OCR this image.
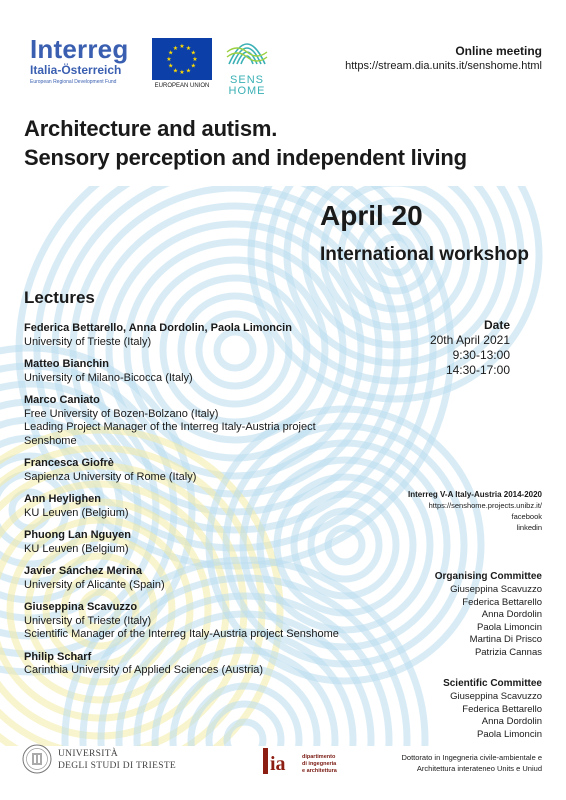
Interreg
Italia-Österreich
European Regional Development Fund
★ ★
★
★
★
★
★
★
★
★
★
★
EUROPEAN UNION	SENS
HOME
Online meeting
https://stream.dia.units.it/senshome.html
Architecture and autism.
Sensory perception and independent living
April 20
International workshop
Lectures
Federica Bettarello, Anna Dordolin, Paola Limoncin
University of Trieste (Italy)
Matteo Bianchin
University of Milano-Bicocca (Italy)
Marco Caniato
Free University of Bozen-Bolzano (Italy)
Leading Project Manager of the Interreg Italy-Austria project
Senshome
Francesca Giofrè
Sapienza University of Rome (Italy)
Ann Heylighen
KU Leuven (Belgium)
Phuong Lan Nguyen
KU Leuven (Belgium)
Javier Sánchez Merina
University of Alicante (Spain)
Giuseppina Scavuzzo
University of Trieste (Italy)
Scientific Manager of the Interreg Italy-Austria project Senshome
Philip Scharf
Carinthia University of Applied Sciences (Austria)
Date
20th April 2021
9:30-13:00
14:30-17:00
Interreg V-A Italy-Austria 2014-2020
https://senshome.projects.unibz.it/
facebook
linkedin
Organising Committee
Giuseppina Scavuzzo
Federica Bettarello
Anna Dordolin
Paola Limoncin
Martina Di Prisco
Patrizia Cannas
Scientific Committee
Giuseppina Scavuzzo
Federica Bettarello
Anna Dordolin
Paola Limoncin
UNIVERSITÀ
DEGLI STUDI DI TRIESTE	ia	dipartimento
di ingegneria
e architettura
Dottorato in Ingegneria civile-ambientale e
Architettura interateneo Units e Uniud
